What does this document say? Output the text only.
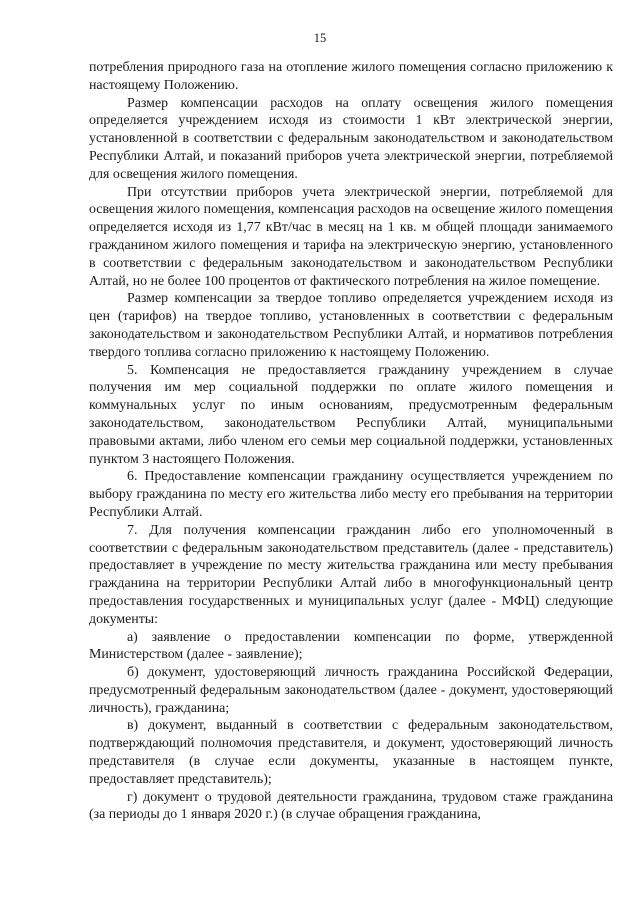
15

потребления природного газа на отопление жилого помещения согласно приложению к настоящему Положению.

Размер компенсации расходов на оплату освещения жилого помещения определяется учреждением исходя из стоимости 1 кВт электрической энергии, установленной в соответствии с федеральным законодательством и законодательством Республики Алтай, и показаний приборов учета электрической энергии, потребляемой для освещения жилого помещения.

При отсутствии приборов учета электрической энергии, потребляемой для освещения жилого помещения, компенсация расходов на освещение жилого помещения определяется исходя из 1,77 кВт/час в месяц на 1 кв. м общей площади занимаемого гражданином жилого помещения и тарифа на электрическую энергию, установленного в соответствии с федеральным законодательством и законодательством Республики Алтай, но не более 100 процентов от фактического потребления на жилое помещение.

Размер компенсации за твердое топливо определяется учреждением исходя из цен (тарифов) на твердое топливо, установленных в соответствии с федеральным законодательством и законодательством Республики Алтай, и нормативов потребления твердого топлива согласно приложению к настоящему Положению.

5. Компенсация не предоставляется гражданину учреждением в случае получения им мер социальной поддержки по оплате жилого помещения и коммунальных услуг по иным основаниям, предусмотренным федеральным законодательством, законодательством Республики Алтай, муниципальными правовыми актами, либо членом его семьи мер социальной поддержки, установленных пунктом 3 настоящего Положения.

6. Предоставление компенсации гражданину осуществляется учреждением по выбору гражданина по месту его жительства либо месту его пребывания на территории Республики Алтай.

7. Для получения компенсации гражданин либо его уполномоченный в соответствии с федеральным законодательством представитель (далее - представитель) предоставляет в учреждение по месту жительства гражданина или месту пребывания гражданина на территории Республики Алтай либо в многофункциональный центр предоставления государственных и муниципальных услуг (далее - МФЦ) следующие документы:

а) заявление о предоставлении компенсации по форме, утвержденной Министерством (далее - заявление);

б) документ, удостоверяющий личность гражданина Российской Федерации, предусмотренный федеральным законодательством (далее - документ, удостоверяющий личность), гражданина;

в) документ, выданный в соответствии с федеральным законодательством, подтверждающий полномочия представителя, и документ, удостоверяющий личность представителя (в случае если документы, указанные в настоящем пункте, предоставляет представитель);

г) документ о трудовой деятельности гражданина, трудовом стаже гражданина (за периоды до 1 января 2020 г.) (в случае обращения гражданина,
